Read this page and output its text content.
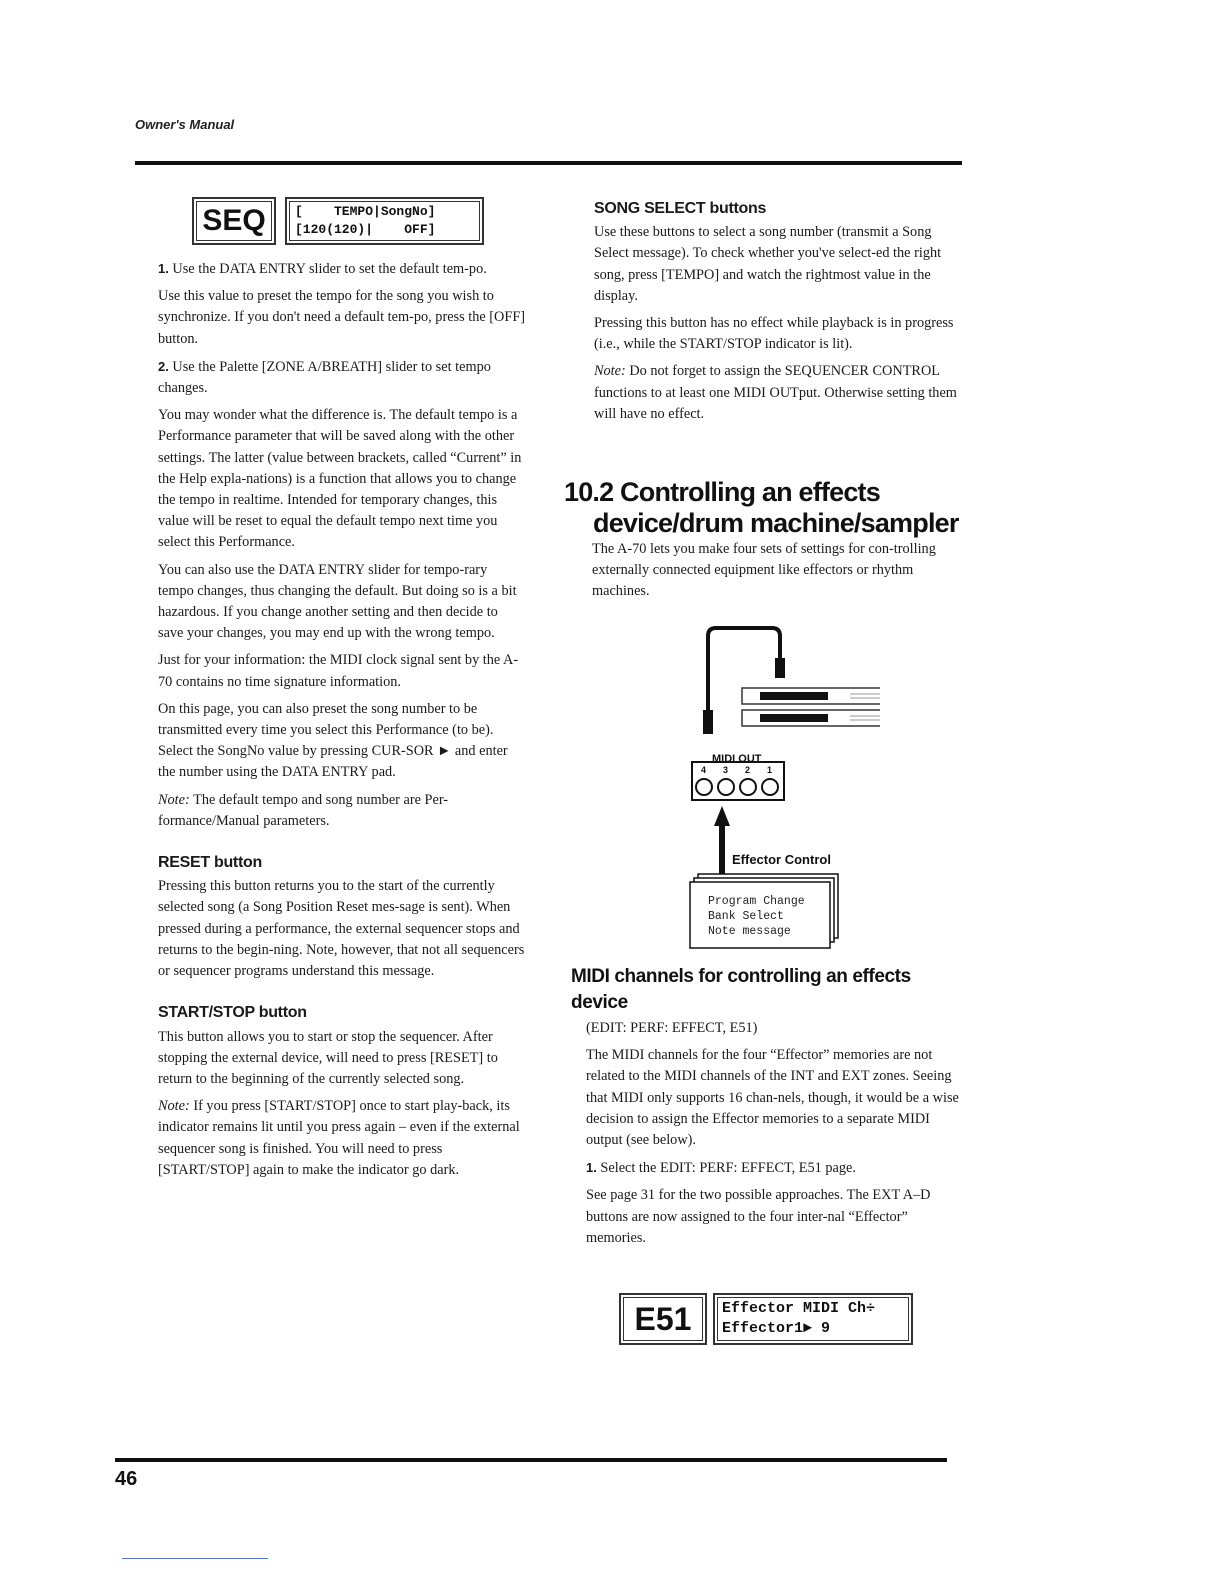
Owner's Manual
SEQ

[    TEMPO|SongNo]

[120(120)|    OFF]

1. Use the DATA ENTRY slider to set the default tem-po.

Use this value to preset the tempo for the song you wish to synchronize. If you don't need a default tem-po, press the [OFF] button.

2. Use the Palette [ZONE A/BREATH] slider to set tempo changes.

You may wonder what the difference is. The default tempo is a Performance parameter that will be saved along with the other settings. The latter (value between brackets, called “Current” in the Help expla-nations) is a function that allows you to change the tempo in realtime. Intended for temporary changes, this value will be reset to equal the default tempo next time you select this Performance.

You can also use the DATA ENTRY slider for tempo-rary tempo changes, thus changing the default. But doing so is a bit hazardous. If you change another setting and then decide to save your changes, you may end up with the wrong tempo.

Just for your information: the MIDI clock signal sent by the A-70 contains no time signature information.

On this page, you can also preset the song number to be transmitted every time you select this Performance (to be). Select the SongNo value by pressing CUR-SOR ► and enter the number using the DATA ENTRY pad.

Note: The default tempo and song number are Per-formance/Manual parameters.

RESET button

Pressing this button returns you to the start of the currently selected song (a Song Position Reset mes-sage is sent). When pressed during a performance, the external sequencer stops and returns to the begin-ning. Note, however, that not all sequencers or sequencer programs understand this message.

START/STOP button

This button allows you to start or stop the sequencer. After stopping the external device, will need to press [RESET] to return to the beginning of the currently selected song.

Note: If you press [START/STOP] once to start play-back, its indicator remains lit until you press again – even if the external sequencer song is finished. You will need to press [START/STOP] again to make the indicator go dark.

SONG SELECT buttons

Use these buttons to select a song number (transmit a Song Select message). To check whether you've select-ed the right song, press [TEMPO] and watch the rightmost value in the display.

Pressing this button has no effect while playback is in progress (i.e., while the START/STOP indicator is lit).

Note: Do not forget to assign the SEQUENCER CONTROL functions to at least one MIDI OUTput. Otherwise setting them will have no effect.

10.2 Controlling an effects
device/drum machine/sampler

The A-70 lets you make four sets of settings for con-trolling externally connected equipment like effectors or rhythm machines.

MIDI OUT
4 3 2 1
Effector Control
Program Change
Bank Select
Note message
MIDI channels for controlling an effects device

(EDIT: PERF: EFFECT, E51)

The MIDI channels for the four “Effector” memories are not related to the MIDI channels of the INT and EXT zones. Seeing that MIDI only supports 16 chan-nels, though, it would be a wise decision to assign the Effector memories to a separate MIDI output (see below).

1. Select the EDIT: PERF: EFFECT, E51 page.

See page 31 for the two possible approaches. The EXT A–D buttons are now assigned to the four inter-nal “Effector” memories.

E51

Effector MIDI Ch÷

Effector1► 9

46
